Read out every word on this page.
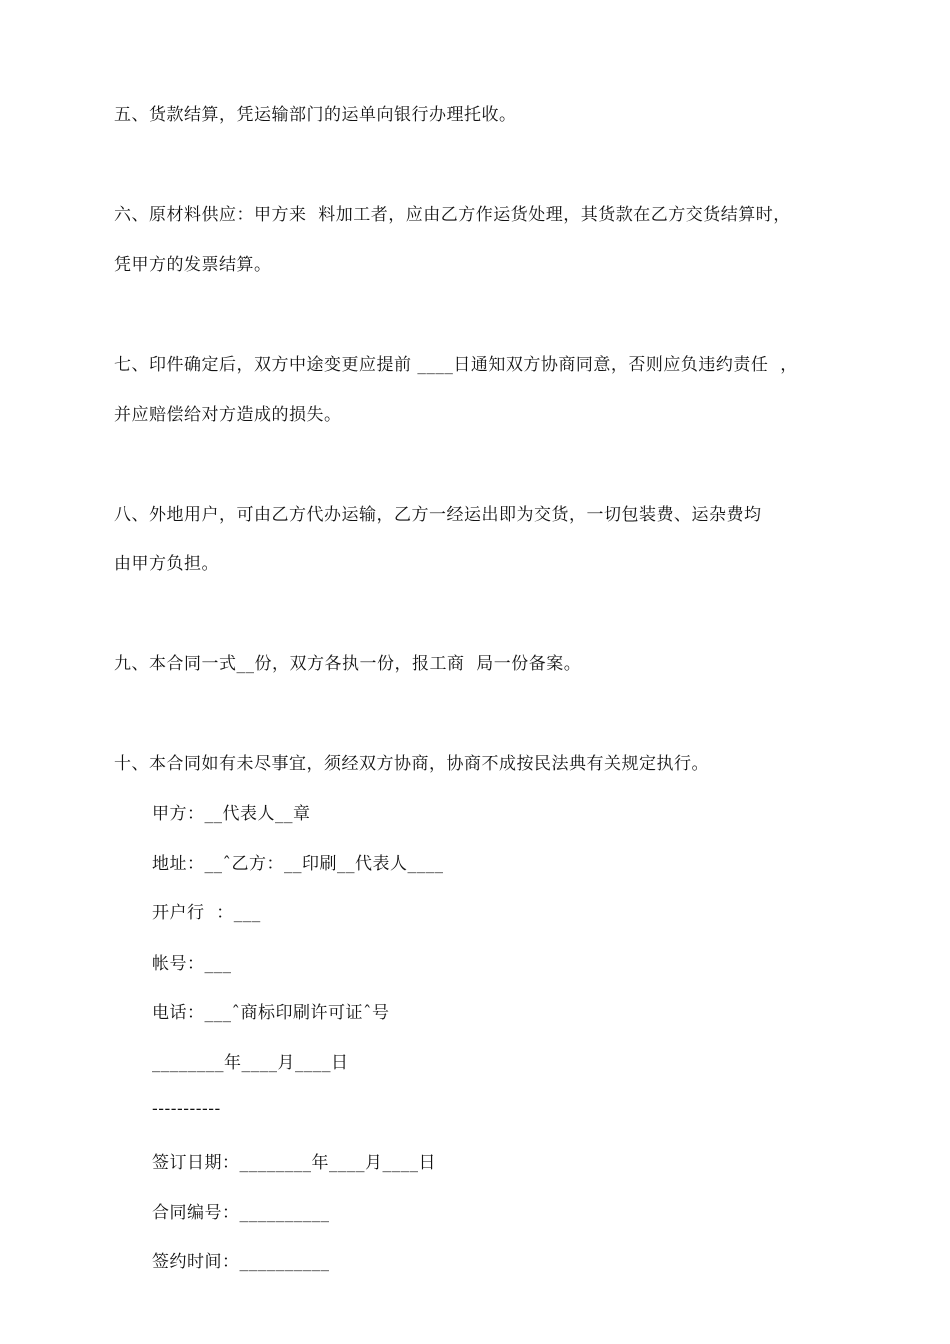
五、货款结算，凭运输部门的运单向银行办理托收。
六、原材料供应：甲方来  料加工者，应由乙方作运货处理，其货款在乙方交货结算时，
凭甲方的发票结算。
七、印件确定后，双方中途变更应提前 ____日通知双方协商同意，否则应负违约责任  ，
并应赔偿给对方造成的损失。
八、外地用户，可由乙方代办运输，乙方一经运出即为交货，一切包装费、运杂费均
由甲方负担。
九、本合同一式__份，双方各执一份，报工商  局一份备案。
十、本合同如有未尽事宜，须经双方协商，协商不成按民法典有关规定执行。
甲方：__代表人__章
地址：__ˆ乙方：__印刷__代表人____
开户行  ：___
帐号：___
电话：___ˆ商标印刷许可证ˆ号
________年____月____日
-----------
签订日期：________年____月____日
合同编号：__________
签约时间：__________
